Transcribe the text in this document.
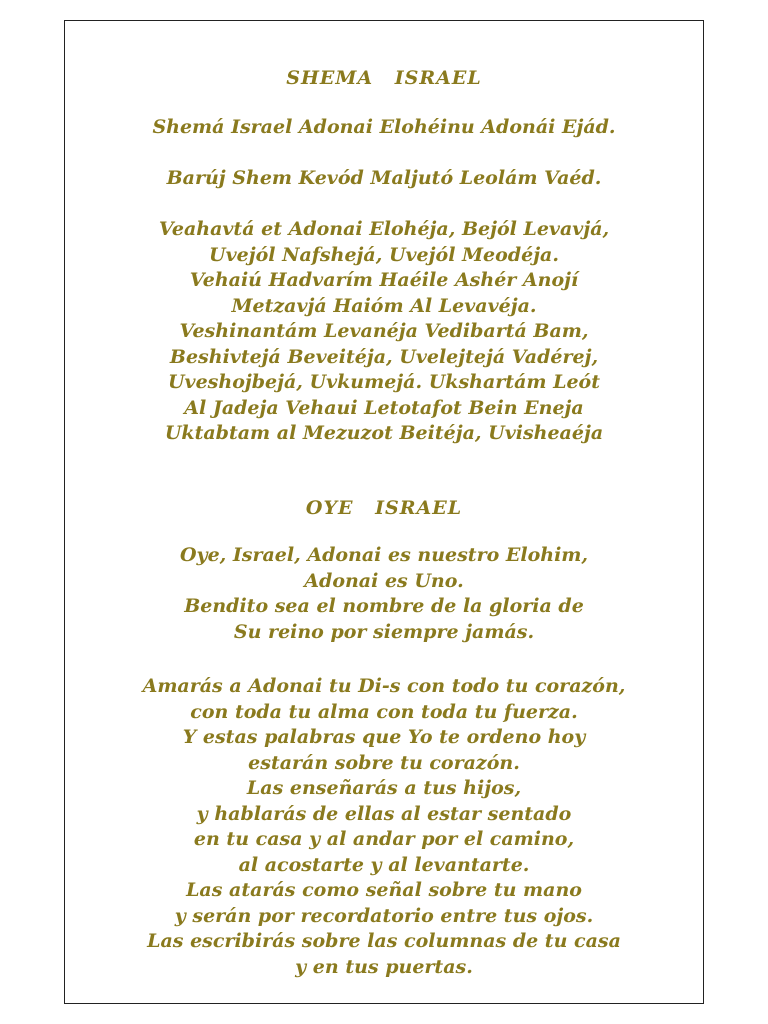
SHEMA ISRAEL

Shemá Israel Adonai Elohéinu Adonái Ejád.

Barúj Shem Kevód Maljutó Leolám Vaéd.

Veahavtá et Adonai Elohéja, Bejól Levavjá,

Uvejól Nafshejá, Uvejól Meodéja.

Vehaiú Hadvarím Haéile Ashér Anojí

Metzavjá Haióm Al Levavéja.

Veshinantám Levanéja Vedibartá Bam,

Beshivtejá Beveitéja, Uvelejtejá Vadérej,

Uveshojbejá, Uvkumejá. Ukshartám Leót

Al Jadeja Vehaui Letotafot Bein Eneja

Uktabtam al Mezuzot Beitéja, Uvisheaéja

OYE ISRAEL

Oye, Israel, Adonai es nuestro Elohim,

Adonai es Uno.

Bendito sea el nombre de la gloria de

Su reino por siempre jamás.

Amarás a Adonai tu Di-s con todo tu corazón,

con toda tu alma con toda tu fuerza.

Y estas palabras que Yo te ordeno hoy

estarán sobre tu corazón.

Las enseñarás a tus hijos,

y hablarás de ellas al estar sentado

en tu casa y al andar por el camino,

al acostarte y al levantarte.

Las atarás como señal sobre tu mano

y serán por recordatorio entre tus ojos.

Las escribirás sobre las columnas de tu casa

y en tus puertas.
